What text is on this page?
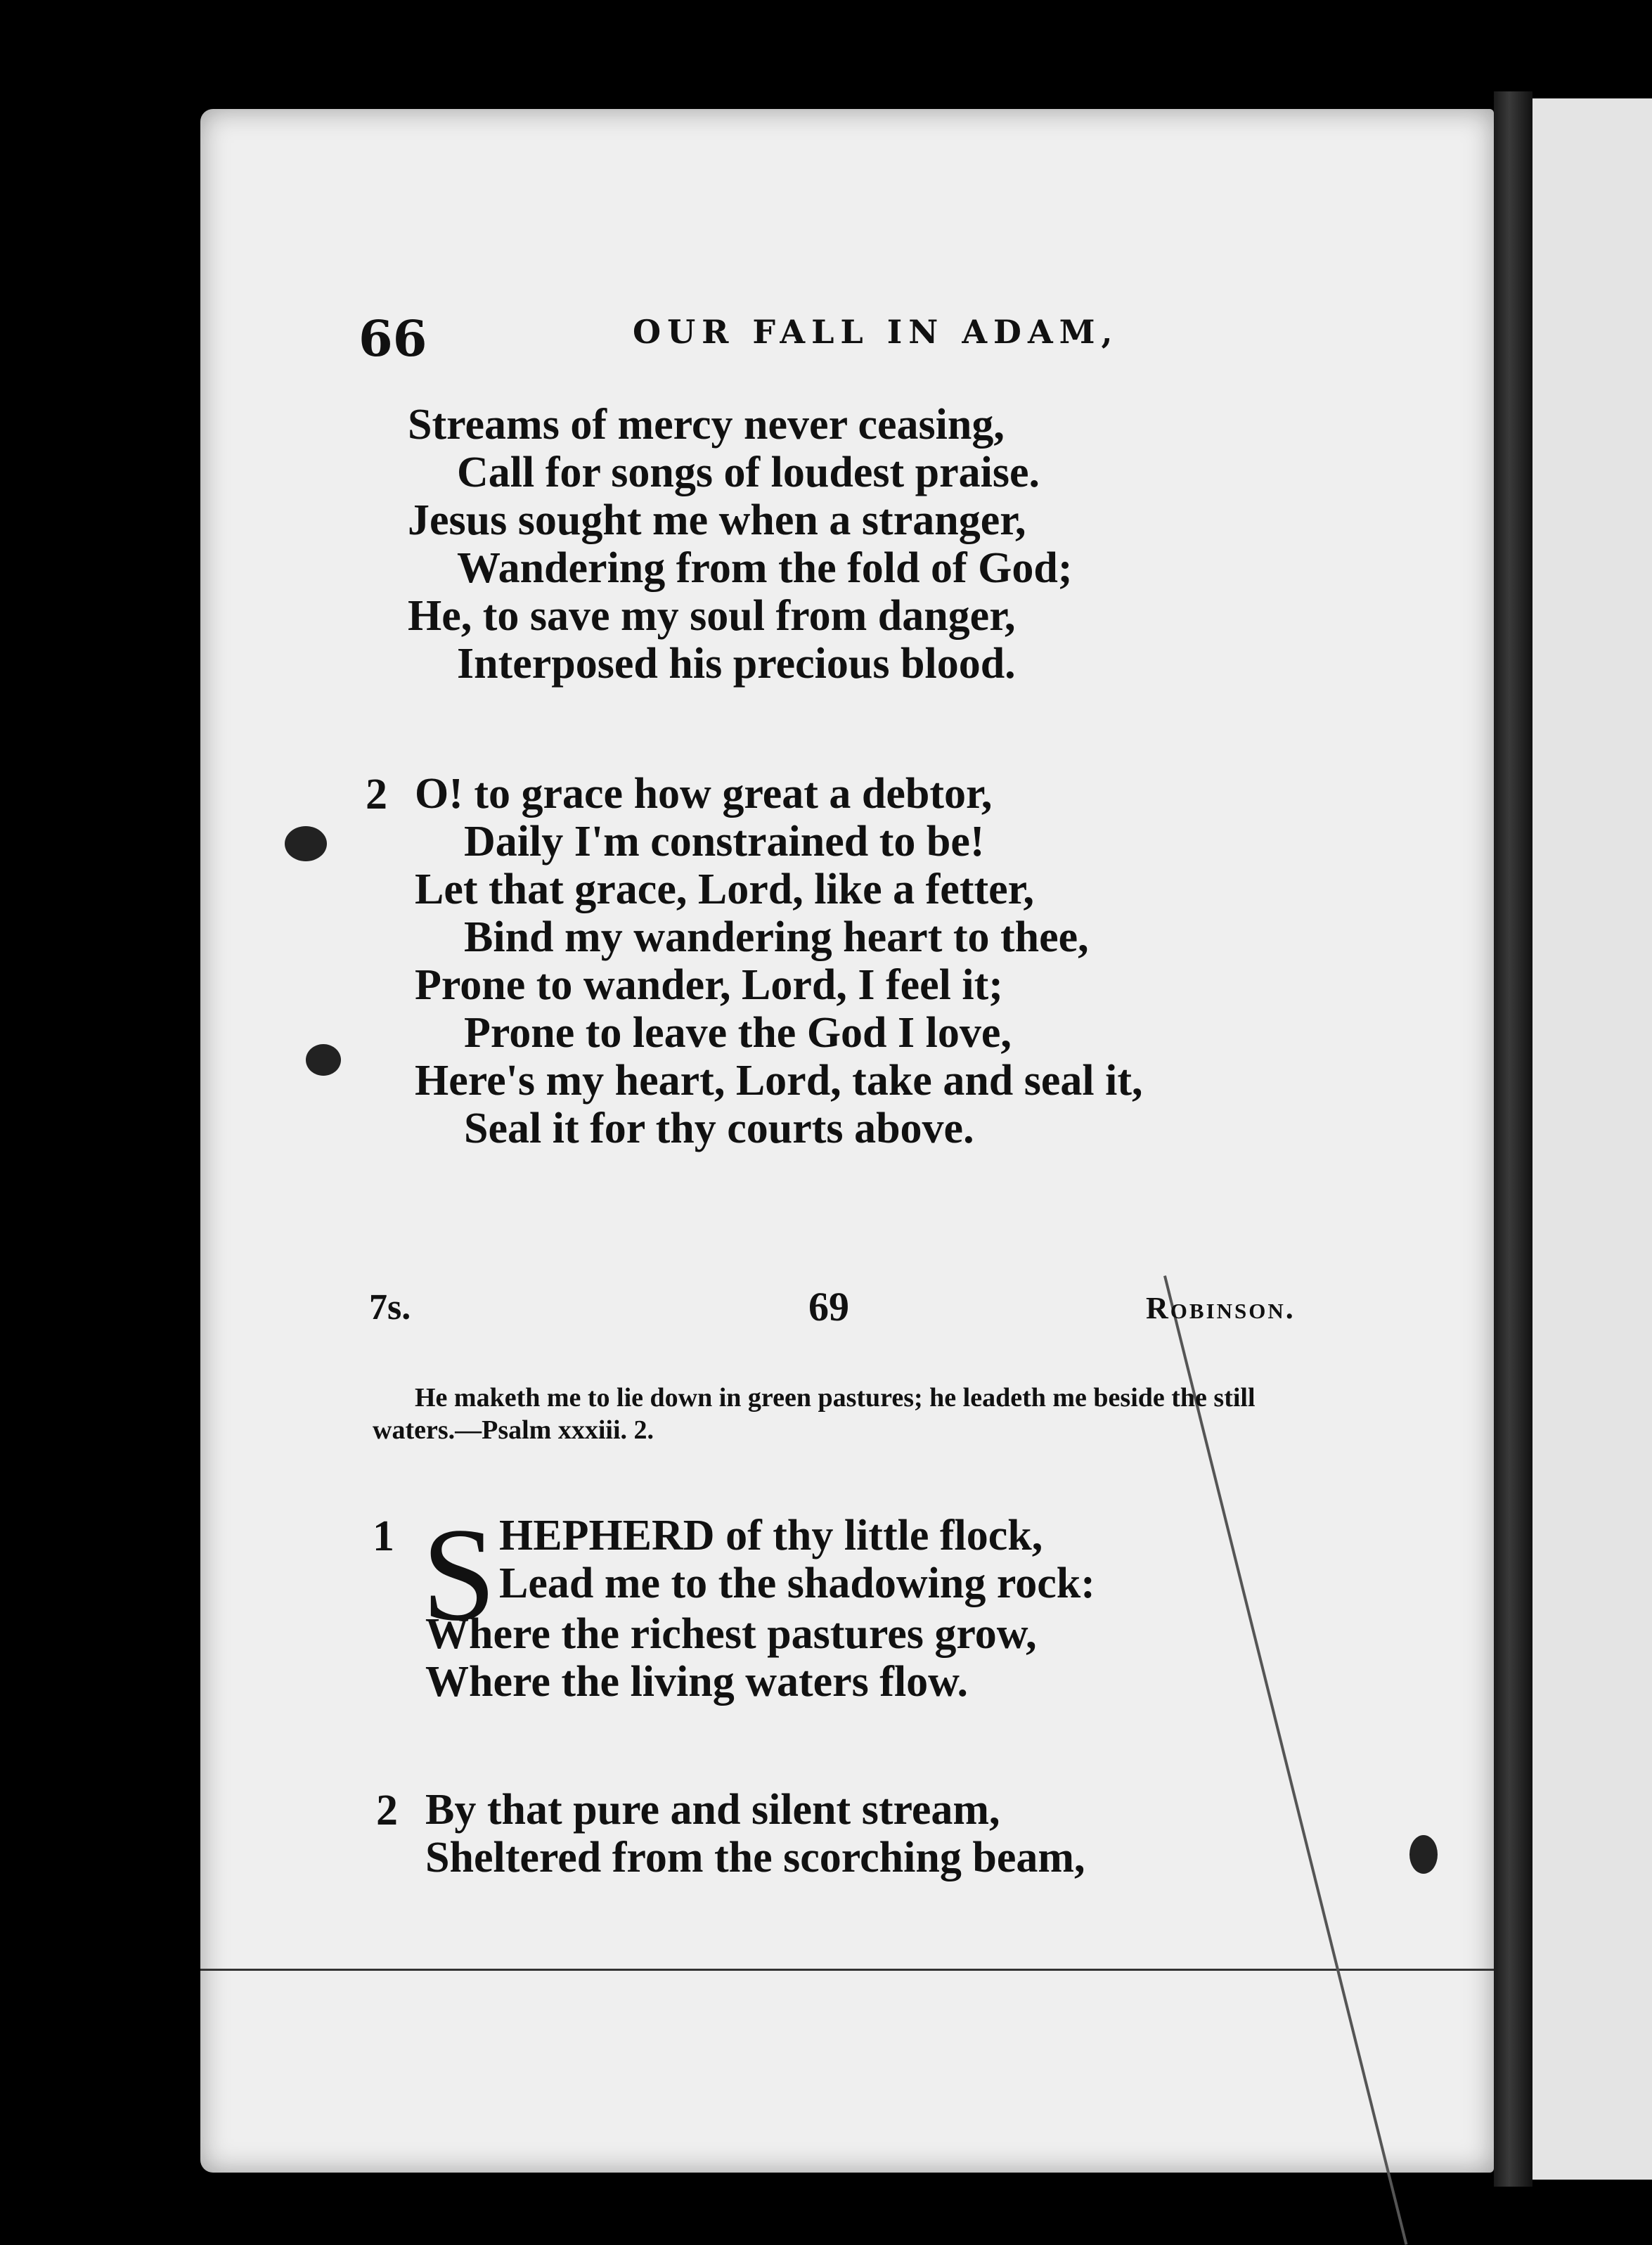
66	OUR FALL IN ADAM,
Streams of mercy never ceasing,
Call for songs of loudest praise.
Jesus sought me when a stranger,
Wandering from the fold of God;
He, to save my soul from danger,
Interposed his precious blood.
2 O! to grace how great a debtor,
Daily I'm constrained to be!
Let that grace, Lord, like a fetter,
Bind my wandering heart to thee,
Prone to wander, Lord, I feel it;
Prone to leave the God I love,
Here's my heart, Lord, take and seal it,
Seal it for thy courts above.
7s.	69	Robinson.
He maketh me to lie down in green pastures; he leadeth me beside the still waters.—Psalm xxxiii. 2.
1 S HEPHERD of thy little flock,
Lead me to the shadowing rock:
Where the richest pastures grow,
Where the living waters flow.
2 By that pure and silent stream,
Sheltered from the scorching beam,
